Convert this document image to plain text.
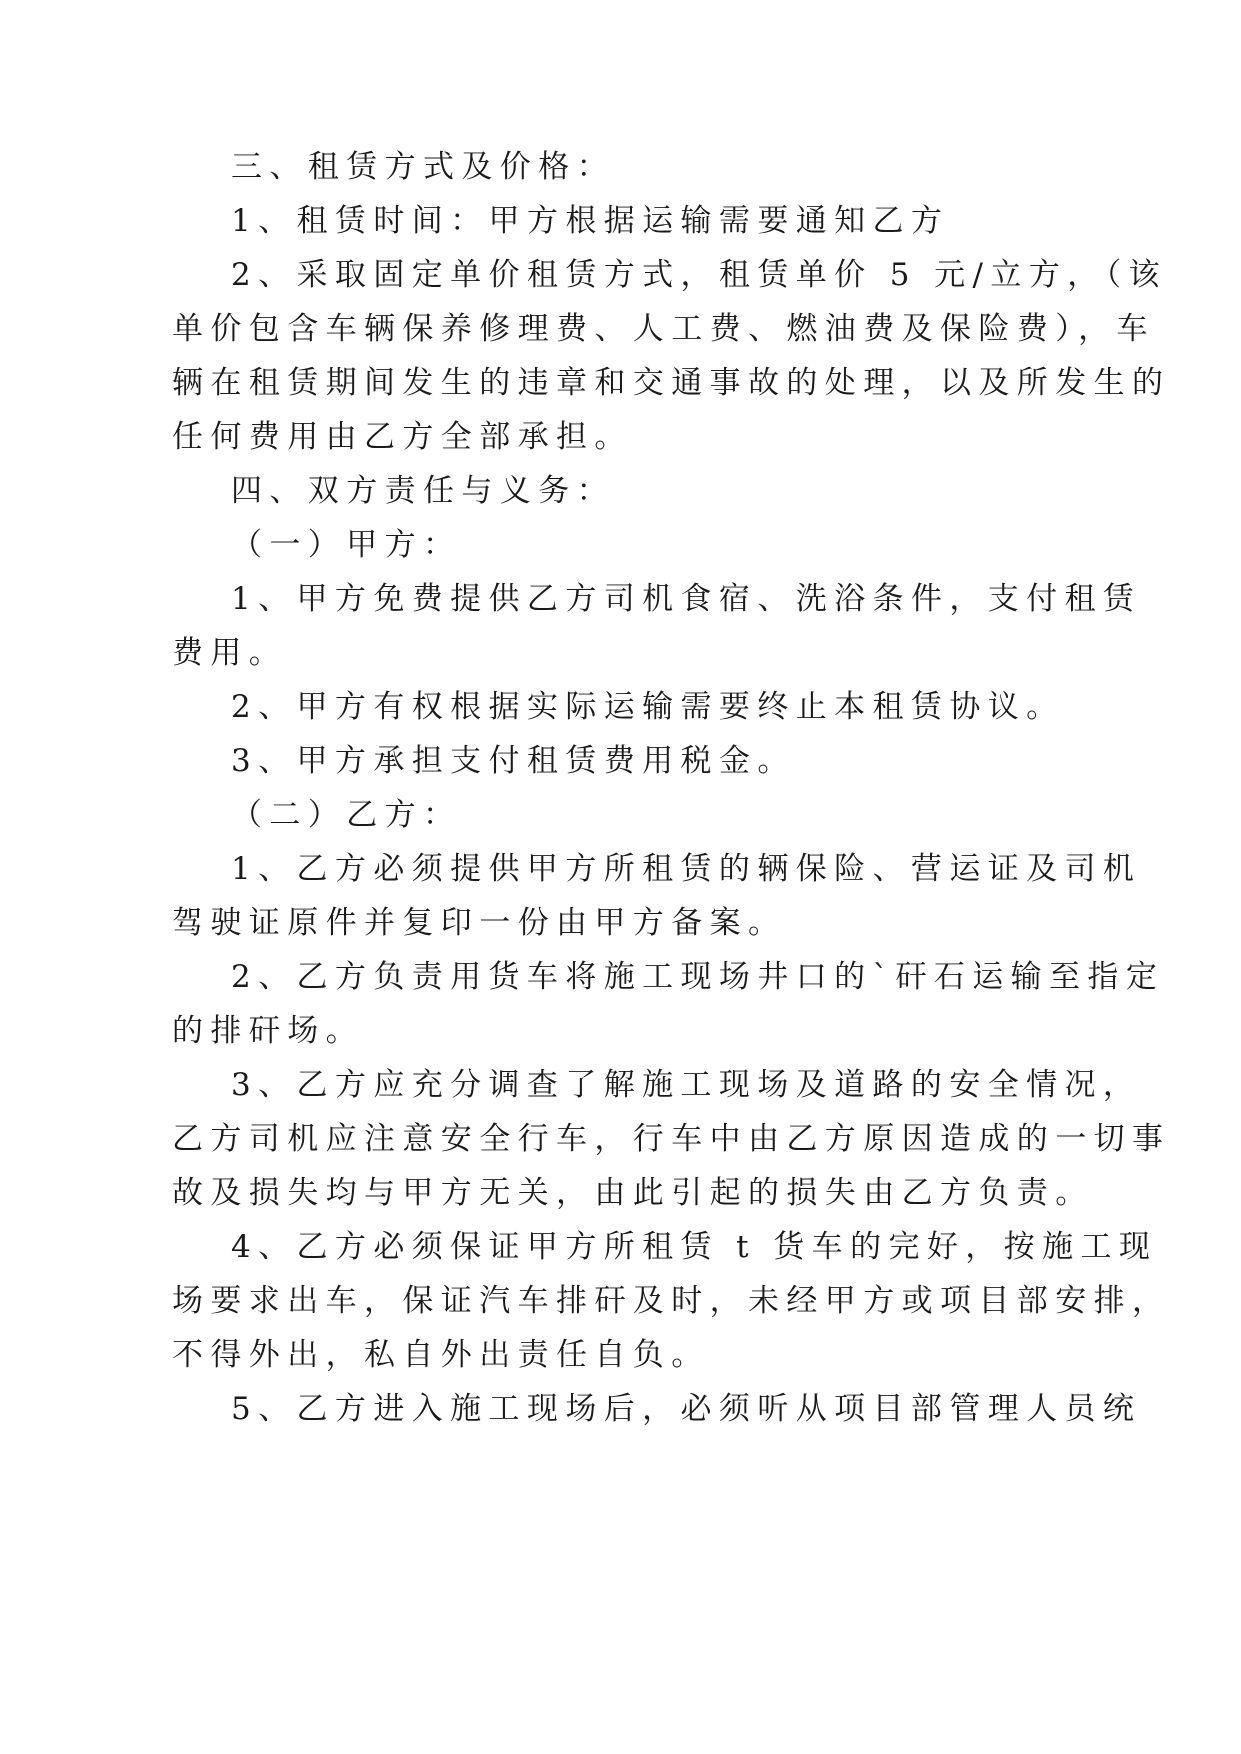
三、租赁方式及价格：
1、租赁时间：甲方根据运输需要通知乙方
2、采取固定单价租赁方式，租赁单价 5 元/立方，（该
单价包含车辆保养修理费、人工费、燃油费及保险费），车
辆在租赁期间发生的违章和交通事故的处理，以及所发生的
任何费用由乙方全部承担。
四、双方责任与义务：
（一）甲方：
1、甲方免费提供乙方司机食宿、洗浴条件，支付租赁
费用。
2、甲方有权根据实际运输需要终止本租赁协议。
3、甲方承担支付租赁费用税金。
（二）乙方：
1、乙方必须提供甲方所租赁的辆保险、营运证及司机
驾驶证原件并复印一份由甲方备案。
2、乙方负责用货车将施工现场井口的`矸石运输至指定
的排矸场。
3、乙方应充分调查了解施工现场及道路的安全情况，
乙方司机应注意安全行车，行车中由乙方原因造成的一切事
故及损失均与甲方无关，由此引起的损失由乙方负责。
4、乙方必须保证甲方所租赁 t 货车的完好，按施工现
场要求出车，保证汽车排矸及时，未经甲方或项目部安排，
不得外出，私自外出责任自负。
5、乙方进入施工现场后，必须听从项目部管理人员统
